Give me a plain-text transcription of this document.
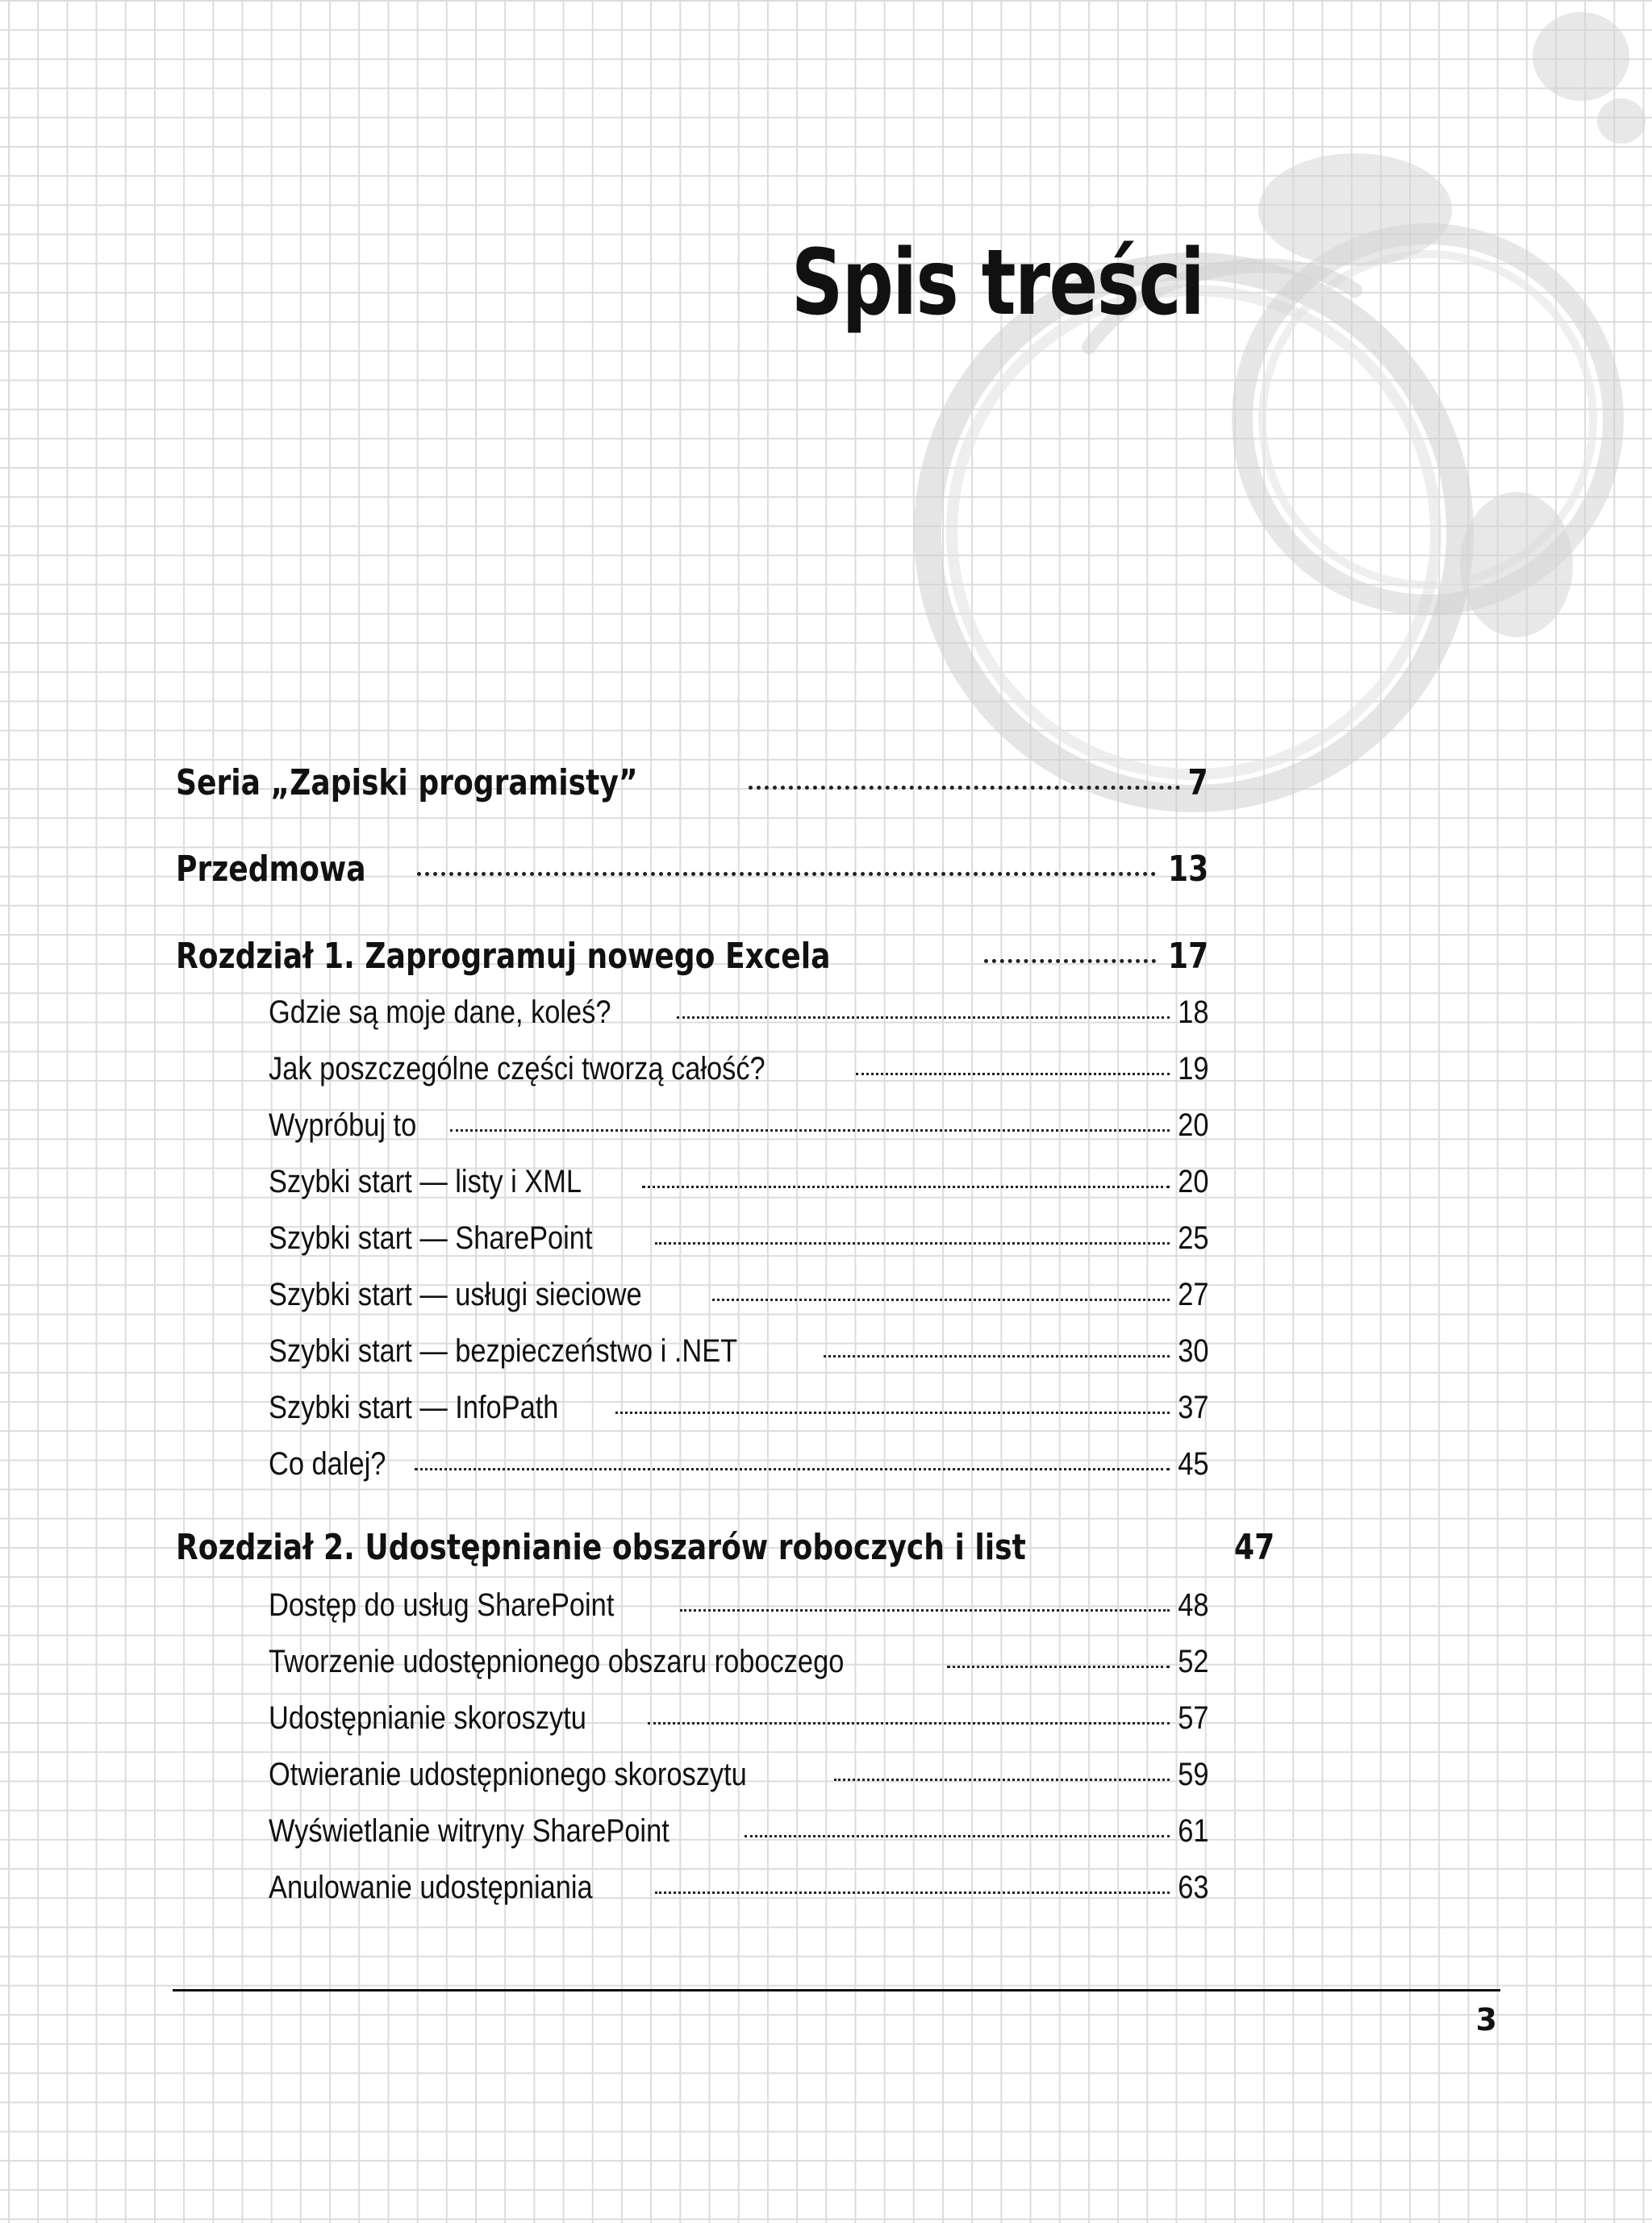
Spis treści
Seria „Zapiski programisty”	7
Przedmowa	13
Rozdział 1. Zaprogramuj nowego Excela	17
Gdzie są moje dane, koleś?	18
Jak poszczególne części tworzą całość?	19
Wypróbuj to	20
Szybki start — listy i XML	20
Szybki start — SharePoint	25
Szybki start — usługi sieciowe	27
Szybki start — bezpieczeństwo i .NET	30
Szybki start — InfoPath	37
Co dalej?	45
Rozdział 2. Udostępnianie obszarów roboczych i list	47
Dostęp do usług SharePoint	48
Tworzenie udostępnionego obszaru roboczego	52
Udostępnianie skoroszytu	57
Otwieranie udostępnionego skoroszytu	59
Wyświetlanie witryny SharePoint	61
Anulowanie udostępniania	63
3
